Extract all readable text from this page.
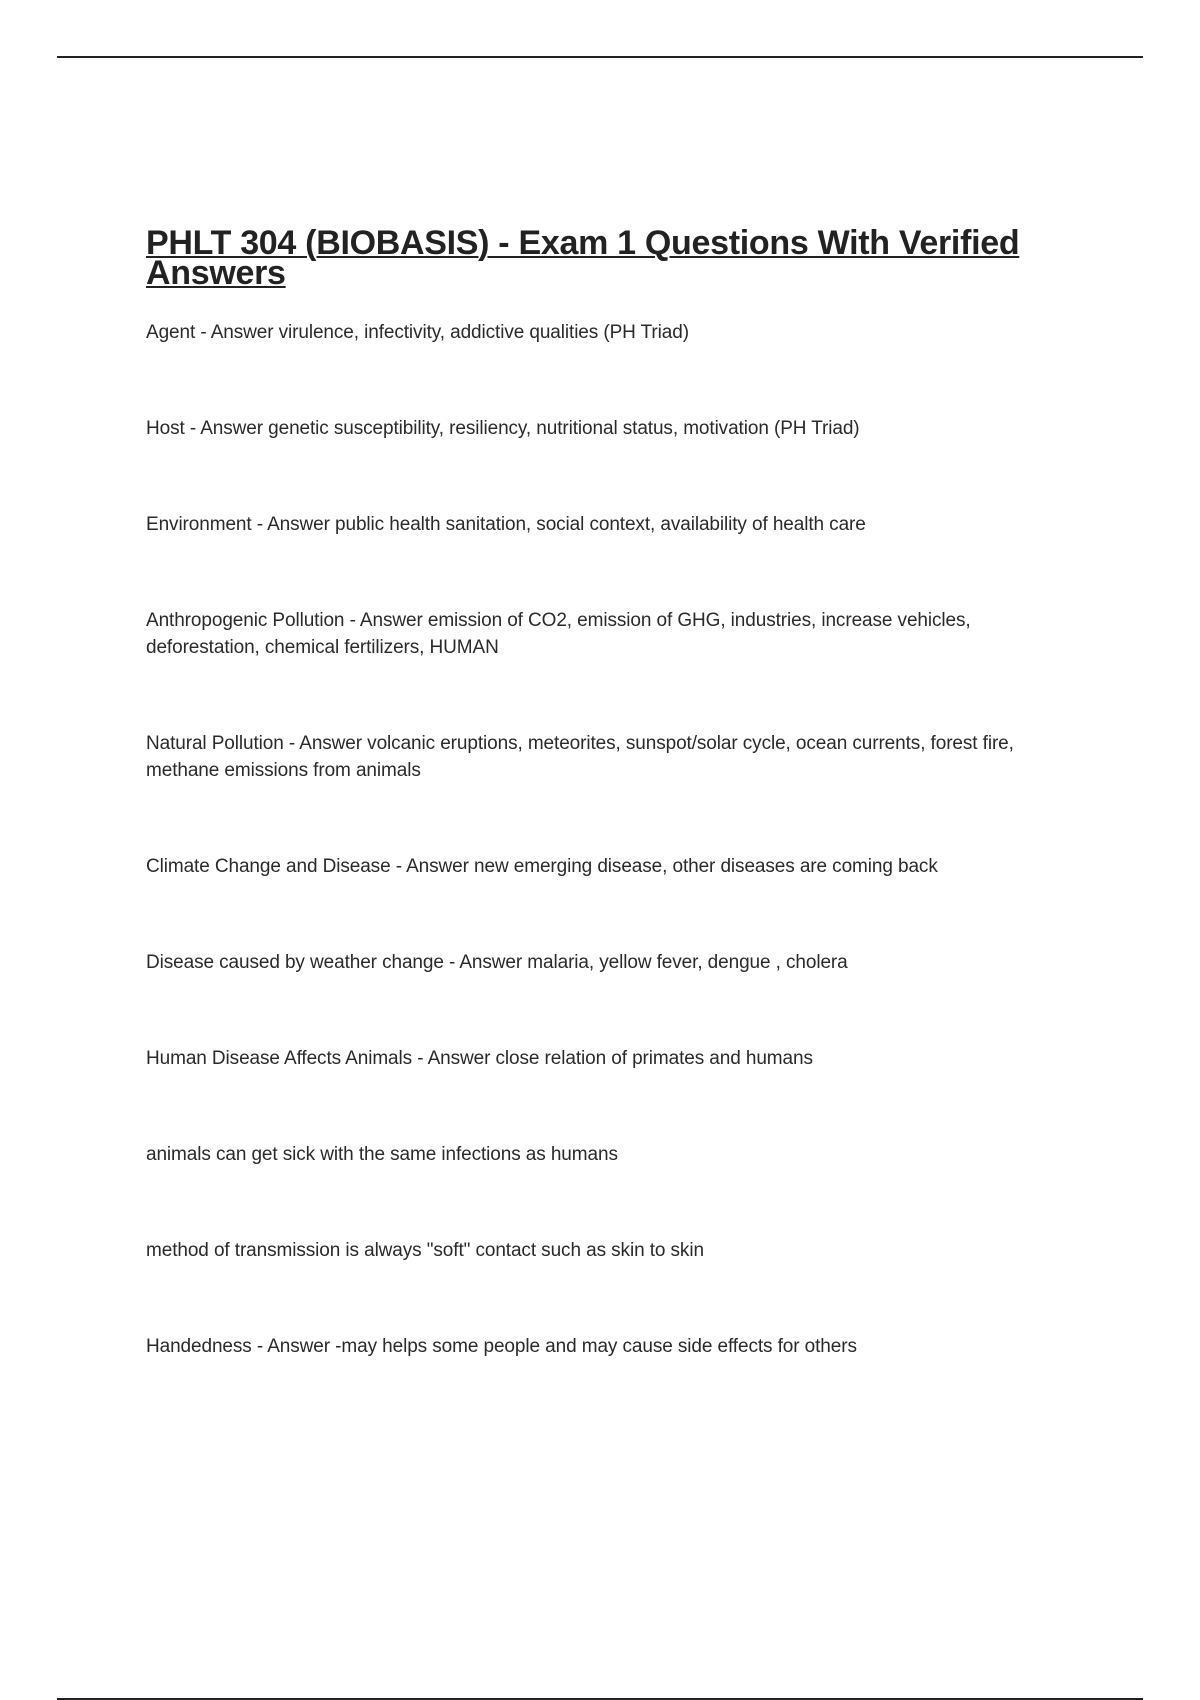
PHLT 304 (BIOBASIS) - Exam 1 Questions With Verified Answers
Agent - Answer virulence, infectivity, addictive qualities (PH Triad)
Host - Answer genetic susceptibility, resiliency, nutritional status, motivation (PH Triad)
Environment - Answer public health sanitation, social context, availability of health care
Anthropogenic Pollution - Answer emission of CO2, emission of GHG, industries, increase vehicles, deforestation, chemical fertilizers, HUMAN
Natural Pollution - Answer volcanic eruptions, meteorites, sunspot/solar cycle, ocean currents, forest fire, methane emissions from animals
Climate Change and Disease - Answer new emerging disease, other diseases are coming back
Disease caused by weather change - Answer malaria, yellow fever, dengue , cholera
Human Disease Affects Animals - Answer close relation of primates and humans
animals can get sick with the same infections as humans
method of transmission is always "soft" contact such as skin to skin
Handedness - Answer -may helps some people and may cause side effects for others
